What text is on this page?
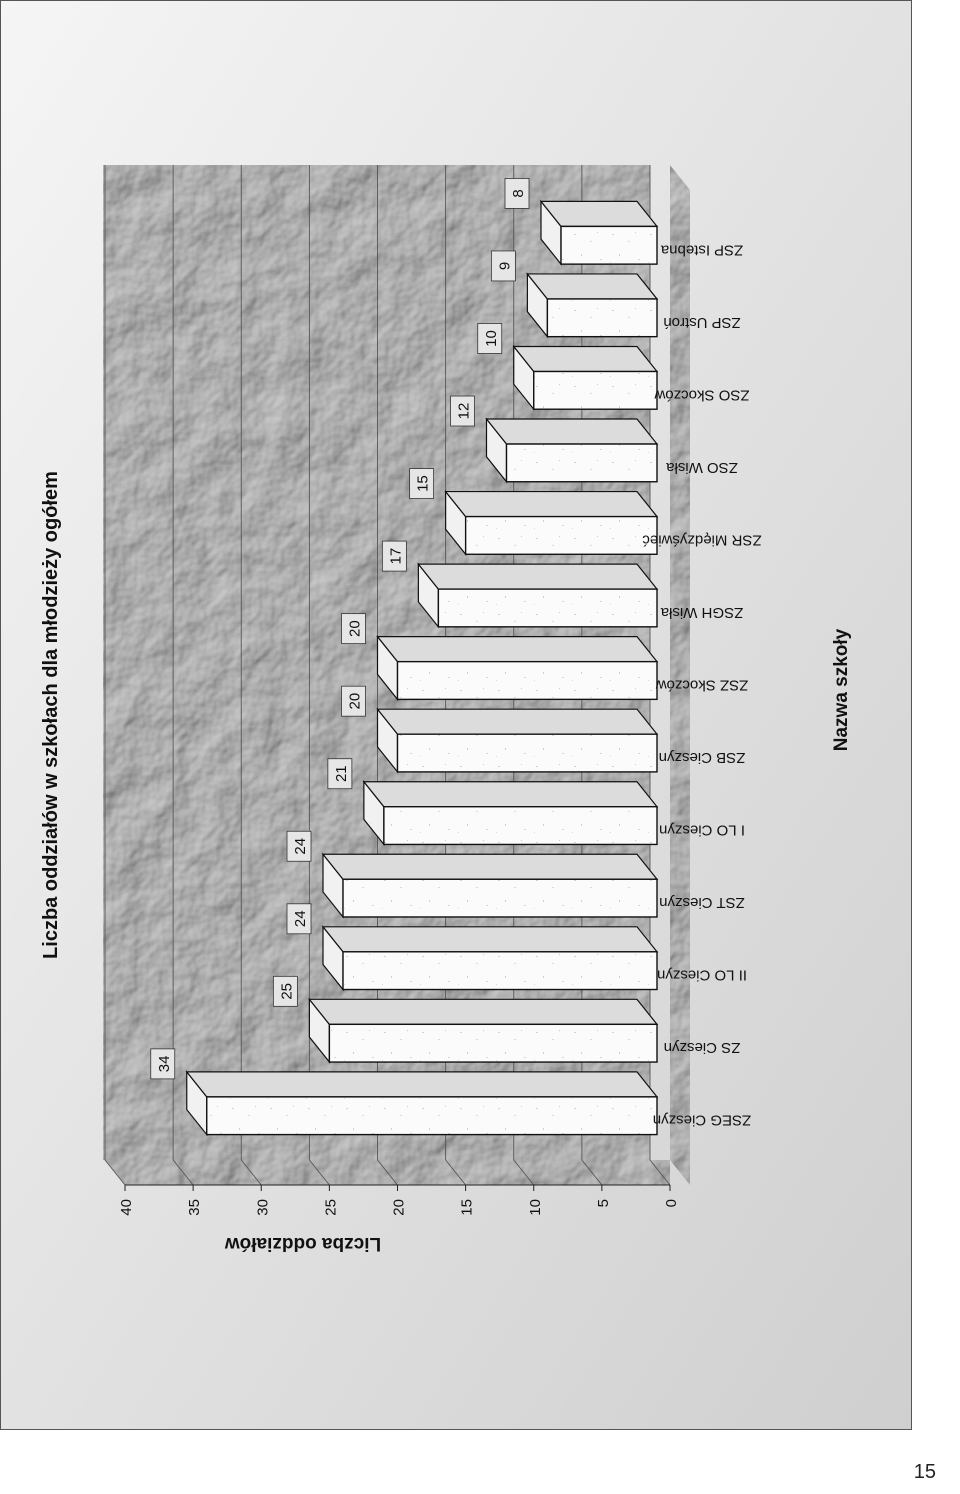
34
25
24
24
21
20
20
17
15
12
10
9
8
0
5
10
15
20
25
30
35
40
ZSEG Cieszyn
ZS Cieszyn
II LO Cieszyn
ZST Cieszyn
I LO Cieszyn
ZSB Cieszyn
ZSZ Skoczów
ZSGH Wisła
ZSR Międzyświeć
ZSO Wisła
ZSO Skoczów
ZSP Ustroń
ZSP Istebna
Liczba oddziałów w szkołach dla młodzieży ogółem
Liczba oddziałów
Nazwa szkoły
15
